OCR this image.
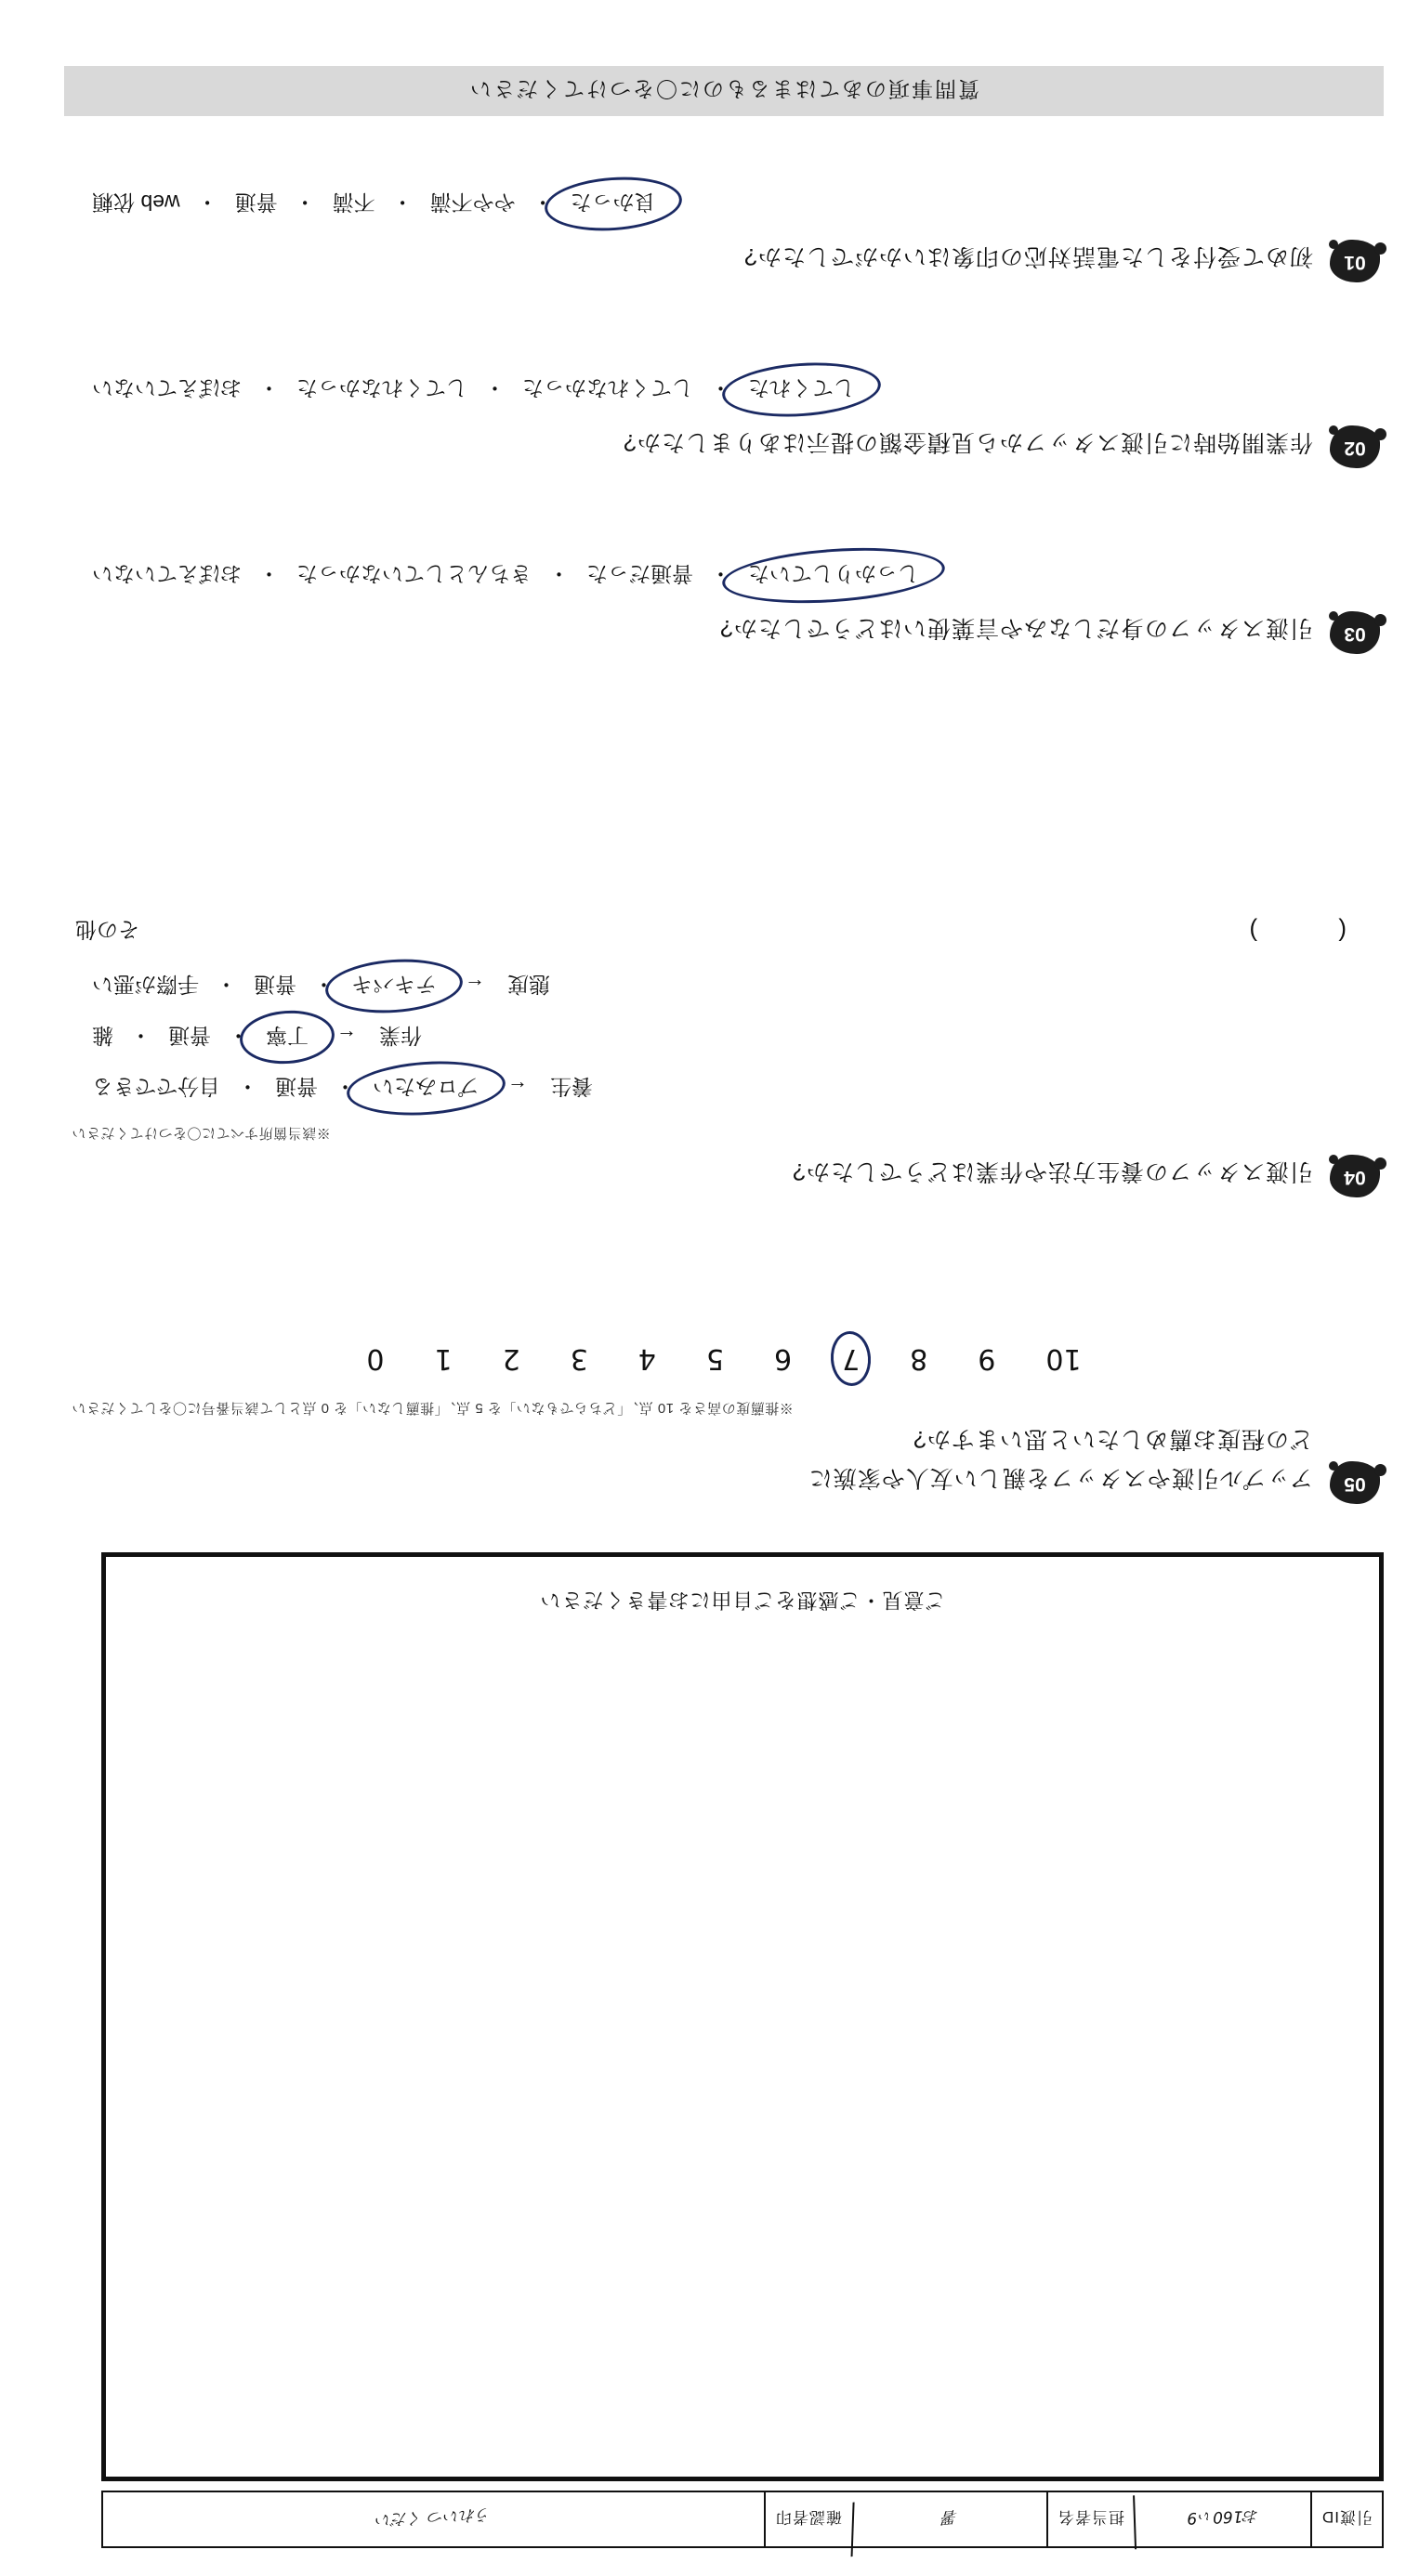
引渡ID
お160ぃ9
担当者名
署
確認者印
うれいつ くだい
ご意見・ご感想をご自由にお書きください
05
アップル引渡やスタッフを親しい友人や家族に
どの程度お薦めしたいと思いますか?
※推薦度の高さを 10 点、「どちらでもない」を 5 点、「推薦しない」を 0 点として該当番号に〇をしてください
10
9
8
7
6
5
4
3
2
1
0
04
引渡スタッフの養生方法や作業はどうでしたか?
※該当箇所すべてに〇をつけてください
養生
←
プロみたい
・
普通
・
自分でできる
作業
←
丁寧
・
普通
・
雑
態度
←
テキパキ
・
普通
・
手際が悪い
( )
その他
03
引渡スタッフの身だしなみや言葉使いはどうでしたか?
しっかりしていた
・
普通だった
・
きちんとしていなかった
・
おぼえていない
02
作業開始時に引渡スタッフから見積金額の提示はありましたか?
してくれた
・
してくれなかった
・
してくれなかった
・
おぼえていない
01
初めて受付をした電話対応の印象はいかがでしたか?
良かった
・
やや不満
・
不満
・
普通
・
web 依頼
質問事項のあてはまるものに〇をつけてください
